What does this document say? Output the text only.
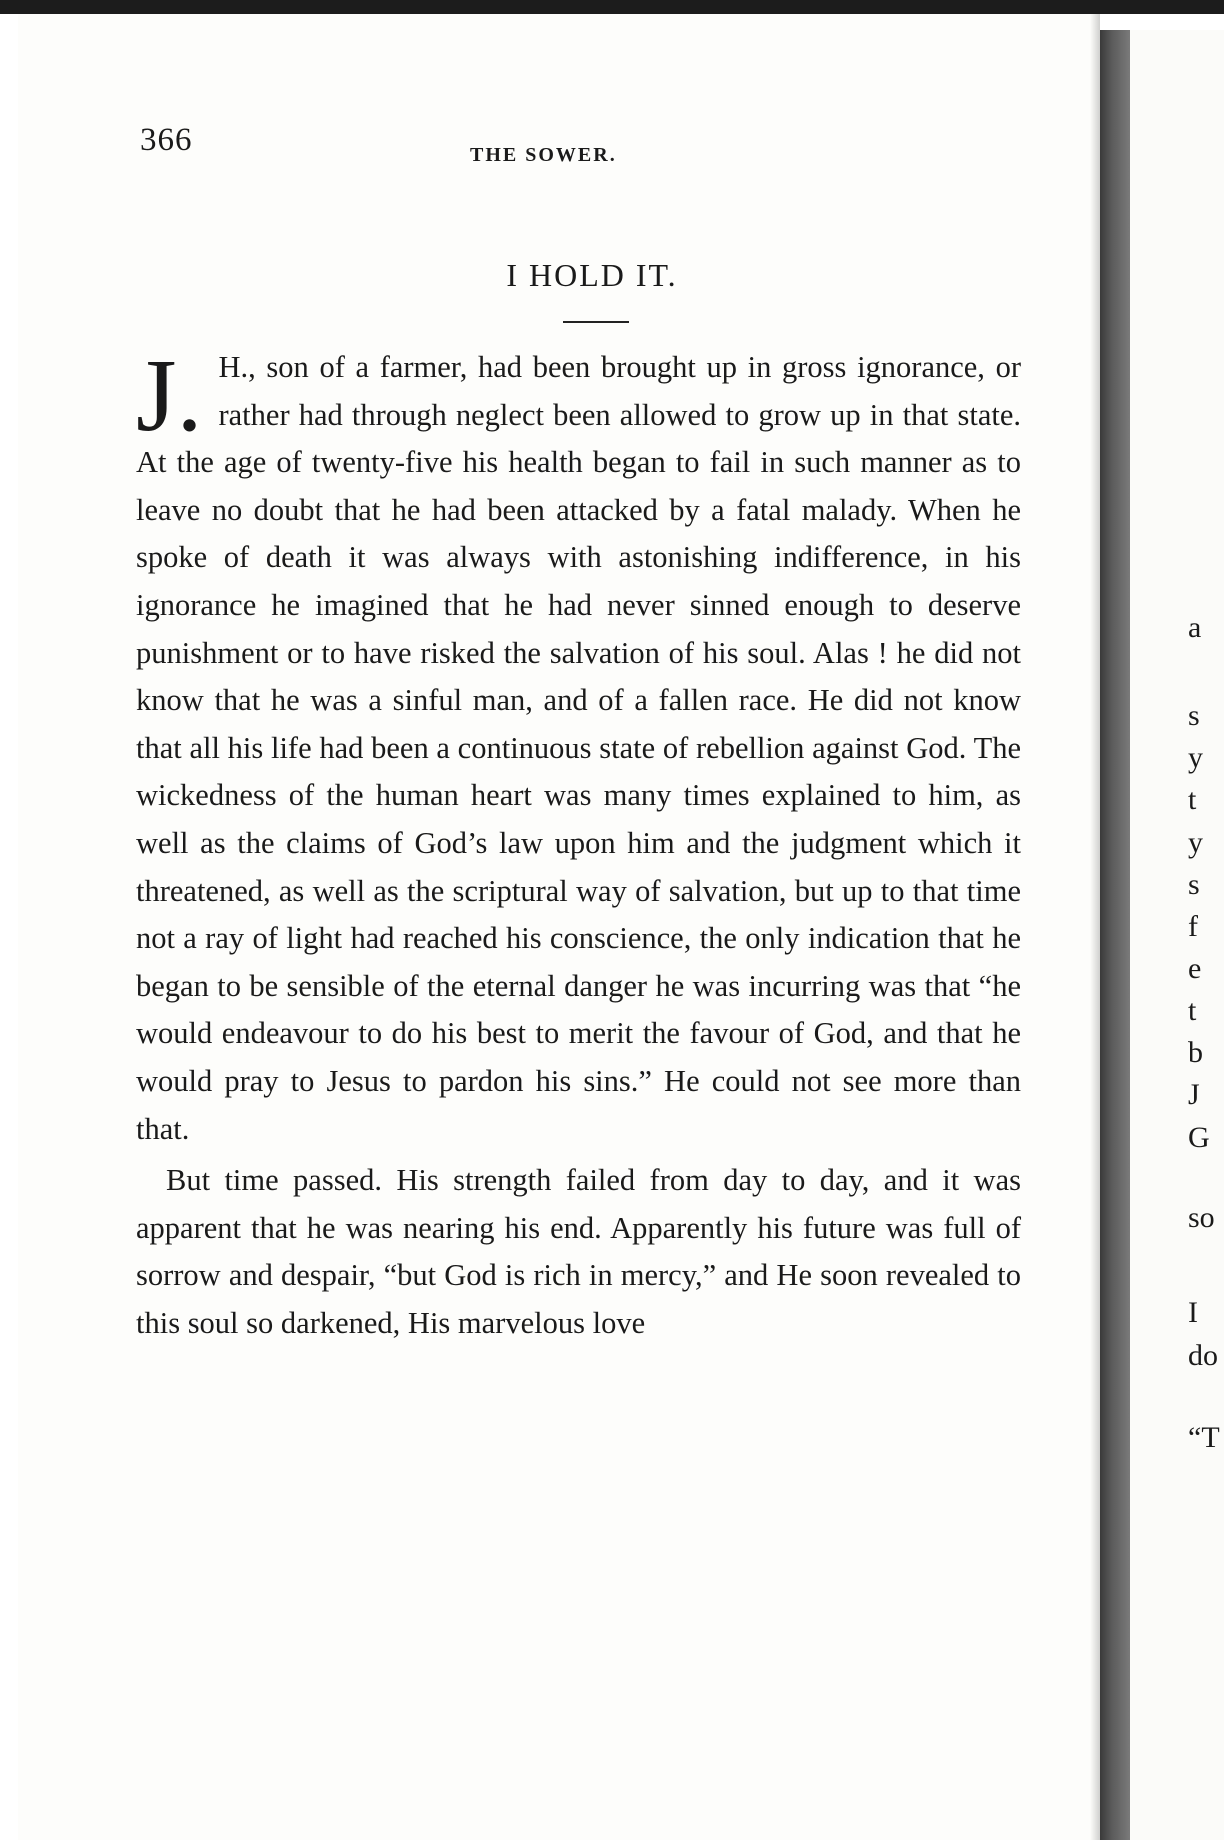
366	THE SOWER.
I HOLD IT.

J.H., son of a farmer, had been brought up in gross ignorance, or rather had through neglect been allowed to grow up in that state. At the age of twenty-five his health began to fail in such manner as to leave no doubt that he had been attacked by a fatal malady. When he spoke of death it was always with astonishing indifference, in his ignorance he imagined that he had never sinned enough to deserve punishment or to have risked the salvation of his soul. Alas ! he did not know that he was a sinful man, and of a fallen race. He did not know that all his life had been a continuous state of rebellion against God. The wickedness of the human heart was many times explained to him, as well as the claims of God’s law upon him and the judgment which it threatened, as well as the scriptural way of salvation, but up to that time not a ray of light had reached his conscience, the only indication that he began to be sensible of the eternal danger he was incurring was that “he would endeavour to do his best to merit the favour of God, and that he would pray to Jesus to pardon his sins.” He could not see more than that.

But time passed. His strength failed from day to day, and it was apparent that he was nearing his end. Apparently his future was full of sorrow and despair, “but God is rich in mercy,” and He soon revealed to this soul so darkened, His marvelous love

a
s
y
t
y
s
f
e
t
b
J
G
so
I
do
“T
